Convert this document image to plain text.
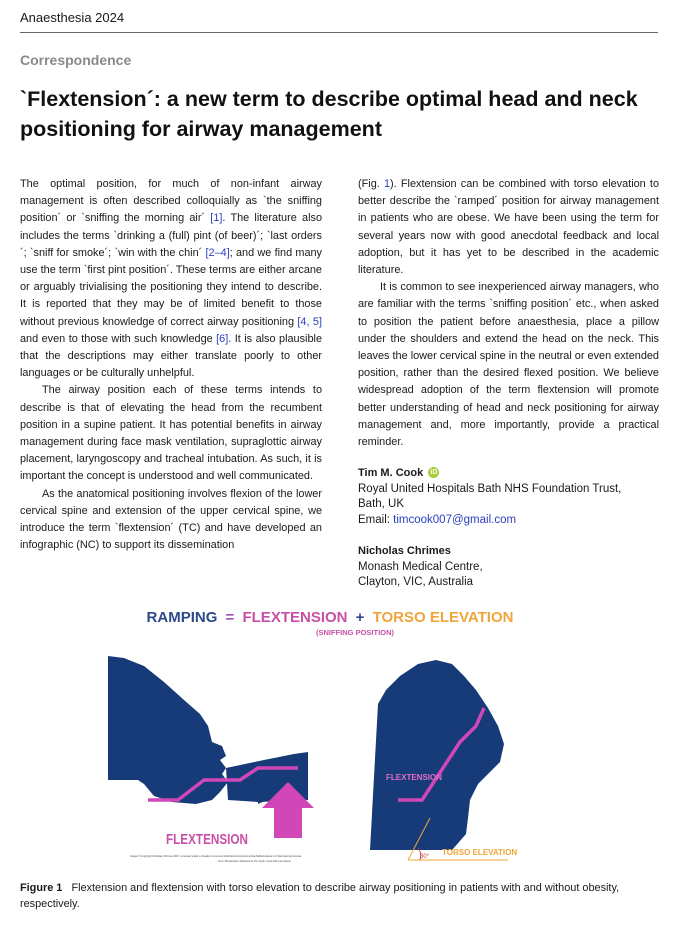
Anaesthesia 2024
Correspondence
`Flextension´: a new term to describe optimal head and neck positioning for airway management

The optimal position, for much of non-infant airway management is often described colloquially as `the sniffing position´ or `sniffing the morning air´ [1]. The literature also includes the terms `drinking a (full) pint (of beer)´; `last orders´; `sniff for smoke´; `win with the chin´ [2–4]; and we find many use the term `first pint position´. These terms are either arcane or arguably trivialising the positioning they intend to describe. It is reported that they may be of limited benefit to those without previous knowledge of correct airway positioning [4, 5] and even to those with such knowledge [6]. It is also plausible that the descriptions may either translate poorly to other languages or be culturally unhelpful.

The airway position each of these terms intends to describe is that of elevating the head from the recumbent position in a supine patient. It has potential benefits in airway management during face mask ventilation, supraglottic airway placement, laryngoscopy and tracheal intubation. As such, it is important the concept is understood and well communicated.

As the anatomical positioning involves flexion of the lower cervical spine and extension of the upper cervical spine, we introduce the term `flextension´ (TC) and have developed an infographic (NC) to support its dissemination

(Fig. 1). Flextension can be combined with torso elevation to better describe the `ramped´ position for airway management in patients who are obese. We have been using the term for several years now with good anecdotal feedback and local adoption, but it has yet to be described in the academic literature.

It is common to see inexperienced airway managers, who are familiar with the terms `sniffing position´ etc., when asked to position the patient before anaesthesia, place a pillow under the shoulders and extend the head on the neck. This leaves the lower cervical spine in the neutral or even extended position, rather than the desired flexed position. We believe widespread adoption of the term flextension will promote better understanding of head and neck positioning for airway management and, more importantly, provide a practical reminder.

Tim M. Cook iD
Royal United Hospitals Bath NHS Foundation Trust,
Bath, UK
Email: timcook007@gmail.com
Nicholas Chrimes
Monash Medical Centre,
Clayton, VIC, Australia
RAMPING = FLEXTENSION + TORSO ELEVATION
(SNIFFING POSITION)
FLEXTENSION
FLEXTENSION
30° TORSO ELEVATION
Image © Copyright Nicholas Chrimes 2017. Licensed under a Creative Commons Attribution-NonCommercial-NoDerivatives 4.0 International License
Term 'Flextension' attributed to Tim Cook. Used with permission
Figure 1 Flextension and flextension with torso elevation to describe airway positioning in patients with and without obesity, respectively.
